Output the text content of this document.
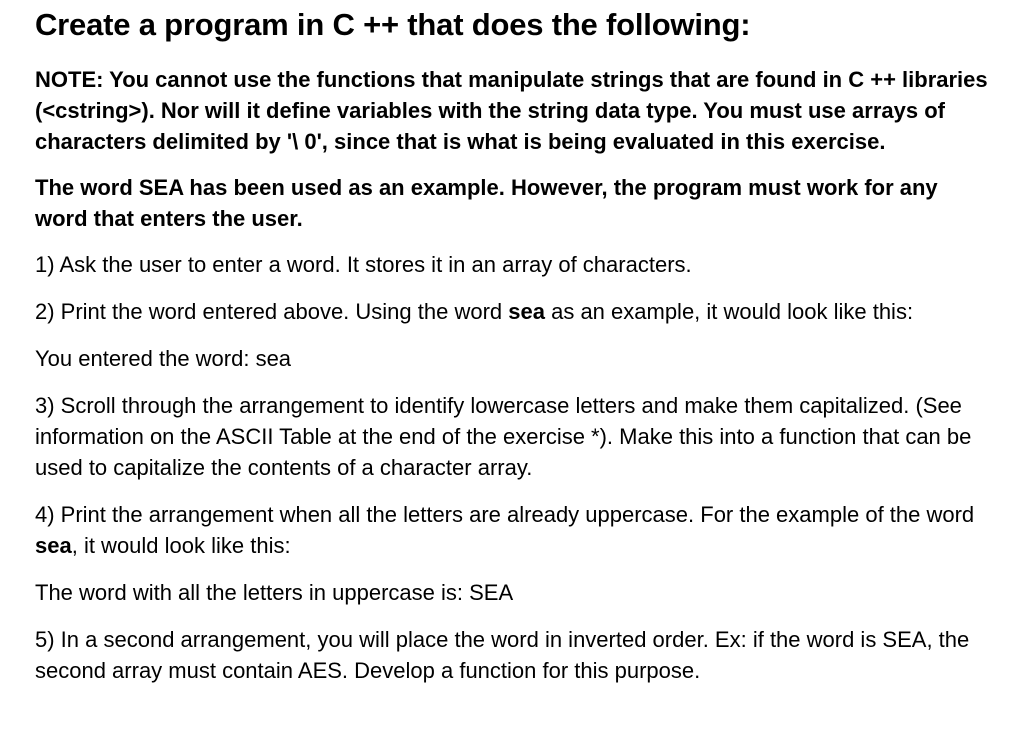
Create a program in C ++ that does the following:

NOTE: You cannot use the functions that manipulate strings that are found in C ++ libraries (<cstring>). Nor will it define variables with the string data type. You must use arrays of characters delimited by '\ 0', since that is what is being evaluated in this exercise.

The word SEA has been used as an example. However, the program must work for any word that enters the user.

1) Ask the user to enter a word. It stores it in an array of characters.

2) Print the word entered above. Using the word sea as an example, it would look like this:

You entered the word: sea

3) Scroll through the arrangement to identify lowercase letters and make them capitalized. (See information on the ASCII Table at the end of the exercise *). Make this into a function that can be used to capitalize the contents of a character array.

4) Print the arrangement when all the letters are already uppercase. For the example of the word sea, it would look like this:

The word with all the letters in uppercase is: SEA

5) In a second arrangement, you will place the word in inverted order. Ex: if the word is SEA, the second array must contain AES. Develop a function for this purpose.
